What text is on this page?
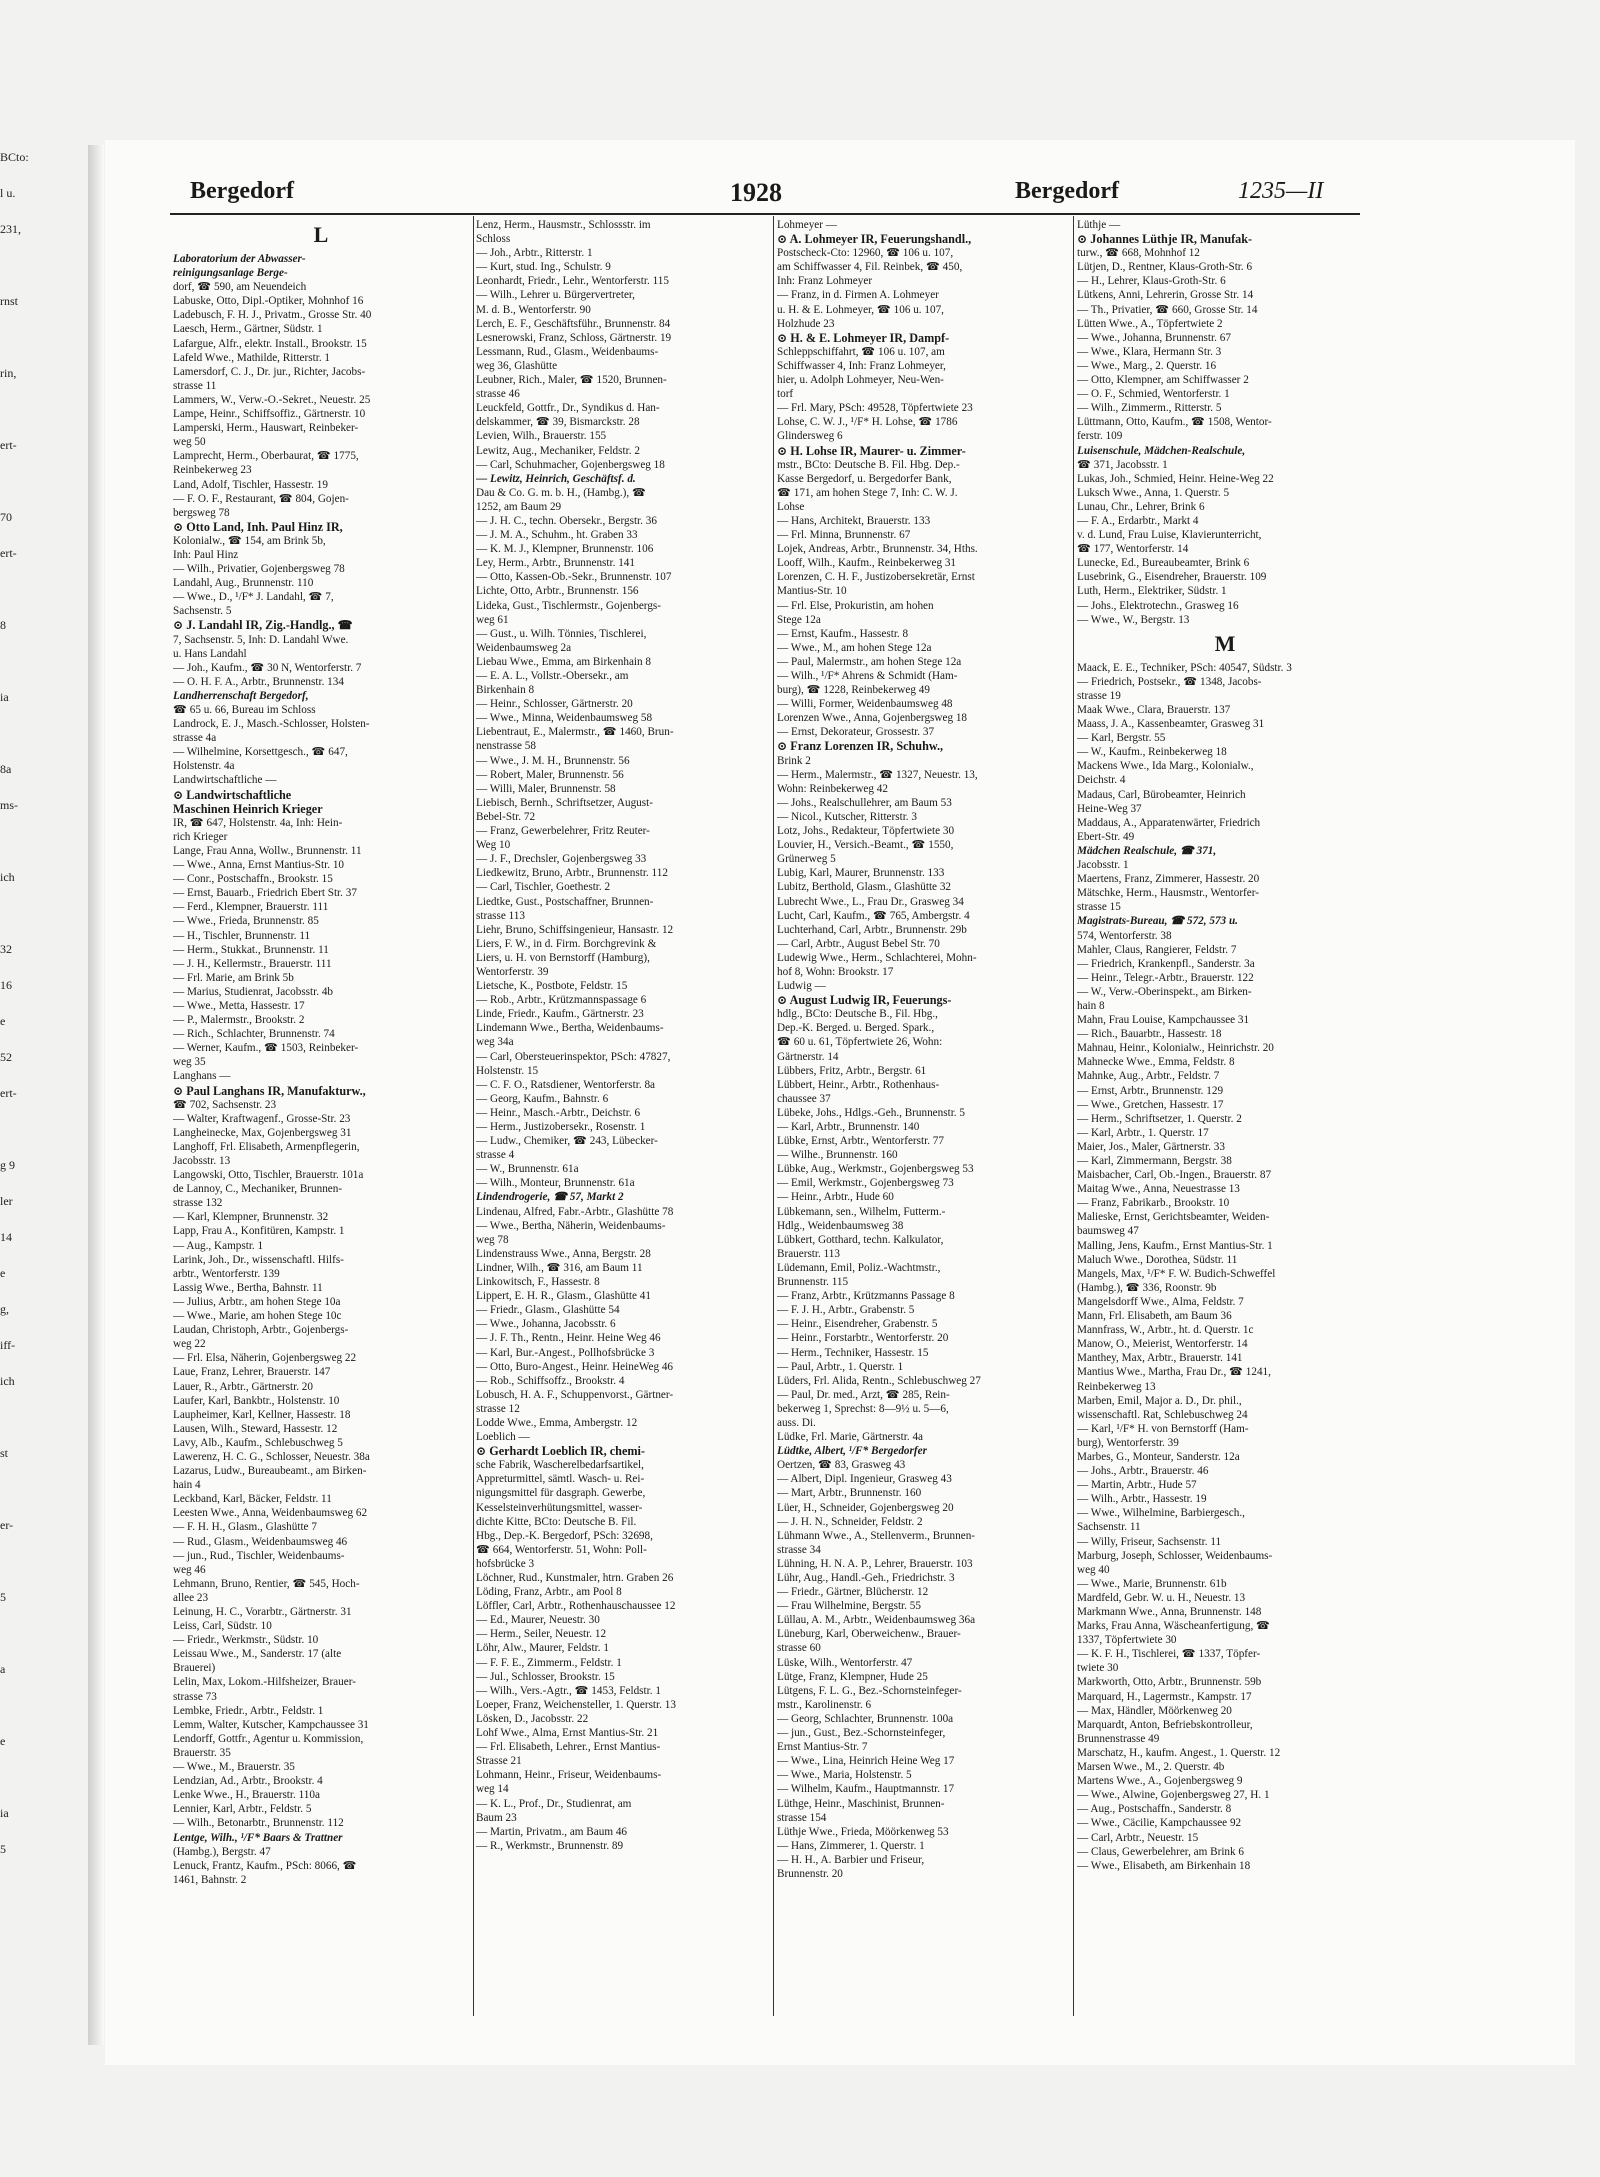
BCto:
l u.
231,
rnst
rin,
ert-
70
ert-
8
ia
8a
ms-
ich
32
16
e
52
ert-
g 9
ler
14
e
g,
iff-
ich
st
er-
5
a
e
ia
5
Bergedorf	1928	Bergedorf	1235—II
L
Laboratorium der Abwasser-
reinigungsanlage Berge-
dorf, ☎ 590, am Neuendeich
Labuske, Otto, Dipl.-Optiker, Mohnhof 16
Ladebusch, F. H. J., Privatm., Grosse Str. 40
Laesch, Herm., Gärtner, Südstr. 1
Lafargue, Alfr., elektr. Install., Brookstr. 15
Lafeld Wwe., Mathilde, Ritterstr. 1
Lamersdorf, C. J., Dr. jur., Richter, Jacobs-
strasse 11
Lammers, W., Verw.-O.-Sekret., Neuestr. 25
Lampe, Heinr., Schiffsoffiz., Gärtnerstr. 10
Lamperski, Herm., Hauswart, Reinbeker-
weg 50
Lamprecht, Herm., Oberbaurat, ☎ 1775,
Reinbekerweg 23
Land, Adolf, Tischler, Hassestr. 19
— F. O. F., Restaurant, ☎ 804, Gojen-
bergsweg 78
⊙ Otto Land, Inh. Paul Hinz IR,
Kolonialw., ☎ 154, am Brink 5b,
Inh: Paul Hinz
— Wilh., Privatier, Gojenbergsweg 78
Landahl, Aug., Brunnenstr. 110
— Wwe., D., ¹/F* J. Landahl, ☎ 7,
Sachsenstr. 5
⊙ J. Landahl IR, Zig.-Handlg., ☎
7, Sachsenstr. 5, Inh: D. Landahl Wwe.
u. Hans Landahl
— Joh., Kaufm., ☎ 30 N, Wentorferstr. 7
— O. H. F. A., Arbtr., Brunnenstr. 134
Landherrenschaft Bergedorf,
☎ 65 u. 66, Bureau im Schloss
Landrock, E. J., Masch.-Schlosser, Holsten-
strasse 4a
— Wilhelmine, Korsettgesch., ☎ 647,
Holstenstr. 4a
Landwirtschaftliche —
⊙ Landwirtschaftliche
Maschinen Heinrich Krieger
IR, ☎ 647, Holstenstr. 4a, Inh: Hein-
rich Krieger
Lange, Frau Anna, Wollw., Brunnenstr. 11
— Wwe., Anna, Ernst Mantius-Str. 10
— Conr., Postschaffn., Brookstr. 15
— Ernst, Bauarb., Friedrich Ebert Str. 37
— Ferd., Klempner, Brauerstr. 111
— Wwe., Frieda, Brunnenstr. 85
— H., Tischler, Brunnenstr. 11
— Herm., Stukkat., Brunnenstr. 11
— J. H., Kellermstr., Brauerstr. 111
— Frl. Marie, am Brink 5b
— Marius, Studienrat, Jacobsstr. 4b
— Wwe., Metta, Hassestr. 17
— P., Malermstr., Brookstr. 2
— Rich., Schlachter, Brunnenstr. 74
— Werner, Kaufm., ☎ 1503, Reinbeker-
weg 35
Langhans —
⊙ Paul Langhans IR, Manufakturw.,
☎ 702, Sachsenstr. 23
— Walter, Kraftwagenf., Grosse-Str. 23
Langheinecke, Max, Gojenbergsweg 31
Langhoff, Frl. Elisabeth, Armenpflegerin,
Jacobsstr. 13
Langowski, Otto, Tischler, Brauerstr. 101a
de Lannoy, C., Mechaniker, Brunnen-
strasse 132
— Karl, Klempner, Brunnenstr. 32
Lapp, Frau A., Konfitüren, Kampstr. 1
— Aug., Kampstr. 1
Larink, Joh., Dr., wissenschaftl. Hilfs-
arbtr., Wentorferstr. 139
Lassig Wwe., Bertha, Bahnstr. 11
— Julius, Arbtr., am hohen Stege 10a
— Wwe., Marie, am hohen Stege 10c
Laudan, Christoph, Arbtr., Gojenbergs-
weg 22
— Frl. Elsa, Näherin, Gojenbergsweg 22
Laue, Franz, Lehrer, Brauerstr. 147
Lauer, R., Arbtr., Gärtnerstr. 20
Laufer, Karl, Bankbtr., Holstenstr. 10
Laupheimer, Karl, Kellner, Hassestr. 18
Lausen, Wilh., Steward, Hassestr. 12
Lavy, Alb., Kaufm., Schlebuschweg 5
Lawerenz, H. C. G., Schlosser, Neuestr. 38a
Lazarus, Ludw., Bureaubeamt., am Birken-
hain 4
Leckband, Karl, Bäcker, Feldstr. 11
Leesten Wwe., Anna, Weidenbaumsweg 62
— F. H. H., Glasm., Glashütte 7
— Rud., Glasm., Weidenbaumsweg 46
— jun., Rud., Tischler, Weidenbaums-
weg 46
Lehmann, Bruno, Rentier, ☎ 545, Hoch-
allee 23
Leinung, H. C., Vorarbtr., Gärtnerstr. 31
Leiss, Carl, Südstr. 10
— Friedr., Werkmstr., Südstr. 10
Leissau Wwe., M., Sanderstr. 17 (alte
Brauerei)
Lelin, Max, Lokom.-Hilfsheizer, Brauer-
strasse 73
Lembke, Friedr., Arbtr., Feldstr. 1
Lemm, Walter, Kutscher, Kampchaussee 31
Lendorff, Gottfr., Agentur u. Kommission,
Brauerstr. 35
— Wwe., M., Brauerstr. 35
Lendzian, Ad., Arbtr., Brookstr. 4
Lenke Wwe., H., Brauerstr. 110a
Lennier, Karl, Arbtr., Feldstr. 5
— Wilh., Betonarbtr., Brunnenstr. 112
Lentge, Wilh., ¹/F* Baars & Trattner
(Hambg.), Bergstr. 47
Lenuck, Frantz, Kaufm., PSch: 8066, ☎
1461, Bahnstr. 2
Lenz, Herm., Hausmstr., Schlossstr. im
Schloss
— Joh., Arbtr., Ritterstr. 1
— Kurt, stud. Ing., Schulstr. 9
Leonhardt, Friedr., Lehr., Wentorferstr. 115
— Wilh., Lehrer u. Bürgervertreter,
M. d. B., Wentorferstr. 90
Lerch, E. F., Geschäftsführ., Brunnenstr. 84
Lesnerowski, Franz, Schloss, Gärtnerstr. 19
Lessmann, Rud., Glasm., Weidenbaums-
weg 36, Glashütte
Leubner, Rich., Maler, ☎ 1520, Brunnen-
strasse 46
Leuckfeld, Gottfr., Dr., Syndikus d. Han-
delskammer, ☎ 39, Bismarckstr. 28
Levien, Wilh., Brauerstr. 155
Lewitz, Aug., Mechaniker, Feldstr. 2
— Carl, Schuhmacher, Gojenbergsweg 18
— Lewitz, Heinrich, Geschäftsf. d.
Dau & Co. G. m. b. H., (Hambg.), ☎
1252, am Baum 29
— J. H. C., techn. Obersekr., Bergstr. 36
— J. M. A., Schuhm., ht. Graben 33
— K. M. J., Klempner, Brunnenstr. 106
Ley, Herm., Arbtr., Brunnenstr. 141
— Otto, Kassen-Ob.-Sekr., Brunnenstr. 107
Lichte, Otto, Arbtr., Brunnenstr. 156
Lideka, Gust., Tischlermstr., Gojenbergs-
weg 61
— Gust., u. Wilh. Tönnies, Tischlerei,
Weidenbaumsweg 2a
Liebau Wwe., Emma, am Birkenhain 8
— E. A. L., Vollstr.-Obersekr., am
Birkenhain 8
— Heinr., Schlosser, Gärtnerstr. 20
— Wwe., Minna, Weidenbaumsweg 58
Liebentraut, E., Malermstr., ☎ 1460, Brun-
nenstrasse 58
— Wwe., J. M. H., Brunnenstr. 56
— Robert, Maler, Brunnenstr. 56
— Willi, Maler, Brunnenstr. 58
Liebisch, Bernh., Schriftsetzer, August-
Bebel-Str. 72
— Franz, Gewerbelehrer, Fritz Reuter-
Weg 10
— J. F., Drechsler, Gojenbergsweg 33
Liedkewitz, Bruno, Arbtr., Brunnenstr. 112
— Carl, Tischler, Goethestr. 2
Liedtke, Gust., Postschaffner, Brunnen-
strasse 113
Liehr, Bruno, Schiffsingenieur, Hansastr. 12
Liers, F. W., in d. Firm. Borchgrevink &
Liers, u. H. von Bernstorff (Hamburg),
Wentorferstr. 39
Lietsche, K., Postbote, Feldstr. 15
— Rob., Arbtr., Krützmannspassage 6
Linde, Friedr., Kaufm., Gärtnerstr. 23
Lindemann Wwe., Bertha, Weidenbaums-
weg 34a
— Carl, Obersteuerinspektor, PSch: 47827,
Holstenstr. 15
— C. F. O., Ratsdiener, Wentorferstr. 8a
— Georg, Kaufm., Bahnstr. 6
— Heinr., Masch.-Arbtr., Deichstr. 6
— Herm., Justizobersekr., Rosenstr. 1
— Ludw., Chemiker, ☎ 243, Lübecker-
strasse 4
— W., Brunnenstr. 61a
— Wilh., Monteur, Brunnenstr. 61a
Lindendrogerie, ☎ 57, Markt 2
Lindenau, Alfred, Fabr.-Arbtr., Glashütte 78
— Wwe., Bertha, Näherin, Weidenbaums-
weg 78
Lindenstrauss Wwe., Anna, Bergstr. 28
Lindner, Wilh., ☎ 316, am Baum 11
Linkowitsch, F., Hassestr. 8
Lippert, E. H. R., Glasm., Glashütte 41
— Friedr., Glasm., Glashütte 54
— Wwe., Johanna, Jacobsstr. 6
— J. F. Th., Rentn., Heinr. Heine Weg 46
— Karl, Bur.-Angest., Pollhofsbrücke 3
— Otto, Buro-Angest., Heinr. HeineWeg 46
— Rob., Schiffsoffz., Brookstr. 4
Lobusch, H. A. F., Schuppenvorst., Gärtner-
strasse 12
Lodde Wwe., Emma, Ambergstr. 12
Loeblich —
⊙ Gerhardt Loeblich IR, chemi-
sche Fabrik, Wascherelbedarfsartikel,
Appreturmittel, sämtl. Wasch- u. Rei-
nigungsmittel für dasgraph. Gewerbe,
Kesselsteinverhütungsmittel, wasser-
dichte Kitte, BCto: Deutsche B. Fil.
Hbg., Dep.-K. Bergedorf, PSch: 32698,
☎ 664, Wentorferstr. 51, Wohn: Poll-
hofsbrücke 3
Löchner, Rud., Kunstmaler, htrn. Graben 26
Löding, Franz, Arbtr., am Pool 8
Löffler, Carl, Arbtr., Rothenhauschaussee 12
— Ed., Maurer, Neuestr. 30
— Herm., Seiler, Neuestr. 12
Löhr, Alw., Maurer, Feldstr. 1
— F. F. E., Zimmerm., Feldstr. 1
— Jul., Schlosser, Brookstr. 15
— Wilh., Vers.-Agtr., ☎ 1453, Feldstr. 1
Loeper, Franz, Weichensteller, 1. Querstr. 13
Lösken, D., Jacobsstr. 22
Lohf Wwe., Alma, Ernst Mantius-Str. 21
— Frl. Elisabeth, Lehrer., Ernst Mantius-
Strasse 21
Lohmann, Heinr., Friseur, Weidenbaums-
weg 14
— K. L., Prof., Dr., Studienrat, am
Baum 23
— Martin, Privatm., am Baum 46
— R., Werkmstr., Brunnenstr. 89
Lohmeyer —
⊙ A. Lohmeyer IR, Feuerungshandl.,
Postscheck-Cto: 12960, ☎ 106 u. 107,
am Schiffwasser 4, Fil. Reinbek, ☎ 450,
Inh: Franz Lohmeyer
— Franz, in d. Firmen A. Lohmeyer
u. H. & E. Lohmeyer, ☎ 106 u. 107,
Holzhude 23
⊙ H. & E. Lohmeyer IR, Dampf-
Schleppschiffahrt, ☎ 106 u. 107, am
Schiffwasser 4, Inh: Franz Lohmeyer,
hier, u. Adolph Lohmeyer, Neu-Wen-
torf
— Frl. Mary, PSch: 49528, Töpfertwiete 23
Lohse, C. W. J., ¹/F* H. Lohse, ☎ 1786
Glindersweg 6
⊙ H. Lohse IR, Maurer- u. Zimmer-
mstr., BCto: Deutsche B. Fil. Hbg. Dep.-
Kasse Bergedorf, u. Bergedorfer Bank,
☎ 171, am hohen Stege 7, Inh: C. W. J.
Lohse
— Hans, Architekt, Brauerstr. 133
— Frl. Minna, Brunnenstr. 67
Lojek, Andreas, Arbtr., Brunnenstr. 34, Hths.
Looff, Wilh., Kaufm., Reinbekerweg 31
Lorenzen, C. H. F., Justizobersekretär, Ernst
Mantius-Str. 10
— Frl. Else, Prokuristin, am hohen
Stege 12a
— Ernst, Kaufm., Hassestr. 8
— Wwe., M., am hohen Stege 12a
— Paul, Malermstr., am hohen Stege 12a
— Wilh., ¹/F* Ahrens & Schmidt (Ham-
burg), ☎ 1228, Reinbekerweg 49
— Willi, Former, Weidenbaumsweg 48
Lorenzen Wwe., Anna, Gojenbergsweg 18
— Ernst, Dekorateur, Grossestr. 37
⊙ Franz Lorenzen IR, Schuhw.,
Brink 2
— Herm., Malermstr., ☎ 1327, Neuestr. 13,
Wohn: Reinbekerweg 42
— Johs., Realschullehrer, am Baum 53
— Nicol., Kutscher, Ritterstr. 3
Lotz, Johs., Redakteur, Töpfertwiete 30
Louvier, H., Versich.-Beamt., ☎ 1550,
Grünerweg 5
Lubig, Karl, Maurer, Brunnenstr. 133
Lubitz, Berthold, Glasm., Glashütte 32
Lubrecht Wwe., L., Frau Dr., Grasweg 34
Lucht, Carl, Kaufm., ☎ 765, Ambergstr. 4
Luchterhand, Carl, Arbtr., Brunnenstr. 29b
— Carl, Arbtr., August Bebel Str. 70
Ludewig Wwe., Herm., Schlachterei, Mohn-
hof 8, Wohn: Brookstr. 17
Ludwig —
⊙ August Ludwig IR, Feuerungs-
hdlg., BCto: Deutsche B., Fil. Hbg.,
Dep.-K. Berged. u. Berged. Spark.,
☎ 60 u. 61, Töpfertwiete 26, Wohn:
Gärtnerstr. 14
Lübbers, Fritz, Arbtr., Bergstr. 61
Lübbert, Heinr., Arbtr., Rothenhaus-
chaussee 37
Lübeke, Johs., Hdlgs.-Geh., Brunnenstr. 5
— Karl, Arbtr., Brunnenstr. 140
Lübke, Ernst, Arbtr., Wentorferstr. 77
— Wilhe., Brunnenstr. 160
Lübke, Aug., Werkmstr., Gojenbergsweg 53
— Emil, Werkmstr., Gojenbergsweg 73
— Heinr., Arbtr., Hude 60
Lübkemann, sen., Wilhelm, Futterm.-
Hdlg., Weidenbaumsweg 38
Lübkert, Gotthard, techn. Kalkulator,
Brauerstr. 113
Lüdemann, Emil, Poliz.-Wachtmstr.,
Brunnenstr. 115
— Franz, Arbtr., Krützmanns Passage 8
— F. J. H., Arbtr., Grabenstr. 5
— Heinr., Eisendreher, Grabenstr. 5
— Heinr., Forstarbtr., Wentorferstr. 20
— Herm., Techniker, Hassestr. 15
— Paul, Arbtr., 1. Querstr. 1
Lüders, Frl. Alida, Rentn., Schlebuschweg 27
— Paul, Dr. med., Arzt, ☎ 285, Rein-
bekerweg 1, Sprechst: 8—9½ u. 5—6,
auss. Di.
Lüdke, Frl. Marie, Gärtnerstr. 4a
Lüdtke, Albert, ¹/F* Bergedorfer
Oertzen, ☎ 83, Grasweg 43
— Albert, Dipl. Ingenieur, Grasweg 43
— Mart, Arbtr., Brunnenstr. 160
Lüer, H., Schneider, Gojenbergsweg 20
— J. H. N., Schneider, Feldstr. 2
Lühmann Wwe., A., Stellenverm., Brunnen-
strasse 34
Lühning, H. N. A. P., Lehrer, Brauerstr. 103
Lühr, Aug., Handl.-Geh., Friedrichstr. 3
— Friedr., Gärtner, Blücherstr. 12
— Frau Wilhelmine, Bergstr. 55
Lüllau, A. M., Arbtr., Weidenbaumsweg 36a
Lüneburg, Karl, Oberweichenw., Brauer-
strasse 60
Lüske, Wilh., Wentorferstr. 47
Lütge, Franz, Klempner, Hude 25
Lütgens, F. L. G., Bez.-Schornsteinfeger-
mstr., Karolinenstr. 6
— Georg, Schlachter, Brunnenstr. 100a
— jun., Gust., Bez.-Schornsteinfeger,
Ernst Mantius-Str. 7
— Wwe., Lina, Heinrich Heine Weg 17
— Wwe., Maria, Holstenstr. 5
— Wilhelm, Kaufm., Hauptmannstr. 17
Lüthge, Heinr., Maschinist, Brunnen-
strasse 154
Lüthje Wwe., Frieda, Möörkenweg 53
— Hans, Zimmerer, 1. Querstr. 1
— H. H., A. Barbier und Friseur,
Brunnenstr. 20
Lüthje —
⊙ Johannes Lüthje IR, Manufak-
turw., ☎ 668, Mohnhof 12
Lütjen, D., Rentner, Klaus-Groth-Str. 6
— H., Lehrer, Klaus-Groth-Str. 6
Lütkens, Anni, Lehrerin, Grosse Str. 14
— Th., Privatier, ☎ 660, Grosse Str. 14
Lütten Wwe., A., Töpfertwiete 2
— Wwe., Johanna, Brunnenstr. 67
— Wwe., Klara, Hermann Str. 3
— Wwe., Marg., 2. Querstr. 16
— Otto, Klempner, am Schiffwasser 2
— O. F., Schmied, Wentorferstr. 1
— Wilh., Zimmerm., Ritterstr. 5
Lüttmann, Otto, Kaufm., ☎ 1508, Wentor-
ferstr. 109
Luisenschule, Mädchen-Realschule,
☎ 371, Jacobsstr. 1
Lukas, Joh., Schmied, Heinr. Heine-Weg 22
Luksch Wwe., Anna, 1. Querstr. 5
Lunau, Chr., Lehrer, Brink 6
— F. A., Erdarbtr., Markt 4
v. d. Lund, Frau Luise, Klavierunterricht,
☎ 177, Wentorferstr. 14
Lunecke, Ed., Bureaubeamter, Brink 6
Lusebrink, G., Eisendreher, Brauerstr. 109
Luth, Herm., Elektriker, Südstr. 1
— Johs., Elektrotechn., Grasweg 16
— Wwe., W., Bergstr. 13
M
Maack, E. E., Techniker, PSch: 40547, Südstr. 3
— Friedrich, Postsekr., ☎ 1348, Jacobs-
strasse 19
Maak Wwe., Clara, Brauerstr. 137
Maass, J. A., Kassenbeamter, Grasweg 31
— Karl, Bergstr. 55
— W., Kaufm., Reinbekerweg 18
Mackens Wwe., Ida Marg., Kolonialw.,
Deichstr. 4
Madaus, Carl, Bürobeamter, Heinrich
Heine-Weg 37
Maddaus, A., Apparatenwärter, Friedrich
Ebert-Str. 49
Mädchen Realschule, ☎ 371,
Jacobsstr. 1
Maertens, Franz, Zimmerer, Hassestr. 20
Mätschke, Herm., Hausmstr., Wentorfer-
strasse 15
Magistrats-Bureau, ☎ 572, 573 u.
574, Wentorferstr. 38
Mahler, Claus, Rangierer, Feldstr. 7
— Friedrich, Krankenpfl., Sanderstr. 3a
— Heinr., Telegr.-Arbtr., Brauerstr. 122
— W., Verw.-Oberinspekt., am Birken-
hain 8
Mahn, Frau Louise, Kampchaussee 31
— Rich., Bauarbtr., Hassestr. 18
Mahnau, Heinr., Kolonialw., Heinrichstr. 20
Mahnecke Wwe., Emma, Feldstr. 8
Mahnke, Aug., Arbtr., Feldstr. 7
— Ernst, Arbtr., Brunnenstr. 129
— Wwe., Gretchen, Hassestr. 17
— Herm., Schriftsetzer, 1. Querstr. 2
— Karl, Arbtr., 1. Querstr. 17
Maier, Jos., Maler, Gärtnerstr. 33
— Karl, Zimmermann, Bergstr. 38
Maisbacher, Carl, Ob.-Ingen., Brauerstr. 87
Maitag Wwe., Anna, Neuestrasse 13
— Franz, Fabrikarb., Brookstr. 10
Malieske, Ernst, Gerichtsbeamter, Weiden-
baumsweg 47
Malling, Jens, Kaufm., Ernst Mantius-Str. 1
Maluch Wwe., Dorothea, Südstr. 11
Mangels, Max, ¹/F* F. W. Budich-Schweffel
(Hambg.), ☎ 336, Roonstr. 9b
Mangelsdorff Wwe., Alma, Feldstr. 7
Mann, Frl. Elisabeth, am Baum 36
Mannfrass, W., Arbtr., ht. d. Querstr. 1c
Manow, O., Meierist, Wentorferstr. 14
Manthey, Max, Arbtr., Brauerstr. 141
Mantius Wwe., Martha, Frau Dr., ☎ 1241,
Reinbekerweg 13
Marben, Emil, Major a. D., Dr. phil.,
wissenschaftl. Rat, Schlebuschweg 24
— Karl, ¹/F* H. von Bernstorff (Ham-
burg), Wentorferstr. 39
Marbes, G., Monteur, Sanderstr. 12a
— Johs., Arbtr., Brauerstr. 46
— Martin, Arbtr., Hude 57
— Wilh., Arbtr., Hassestr. 19
— Wwe., Wilhelmine, Barbiergesch.,
Sachsenstr. 11
— Willy, Friseur, Sachsenstr. 11
Marburg, Joseph, Schlosser, Weidenbaums-
weg 40
— Wwe., Marie, Brunnenstr. 61b
Mardfeld, Gebr. W. u. H., Neuestr. 13
Markmann Wwe., Anna, Brunnenstr. 148
Marks, Frau Anna, Wäscheanfertigung, ☎
1337, Töpfertwiete 30
— K. F. H., Tischlerei, ☎ 1337, Töpfer-
twiete 30
Markworth, Otto, Arbtr., Brunnenstr. 59b
Marquard, H., Lagermstr., Kampstr. 17
— Max, Händler, Möörkenweg 20
Marquardt, Anton, Befriebskontrolleur,
Brunnenstrasse 49
Marschatz, H., kaufm. Angest., 1. Querstr. 12
Marsen Wwe., M., 2. Querstr. 4b
Martens Wwe., A., Gojenbergsweg 9
— Wwe., Alwine, Gojenbergsweg 27, H. 1
— Aug., Postschaffn., Sanderstr. 8
— Wwe., Cäcilie, Kampchaussee 92
— Carl, Arbtr., Neuestr. 15
— Claus, Gewerbelehrer, am Brink 6
— Wwe., Elisabeth, am Birkenhain 18
